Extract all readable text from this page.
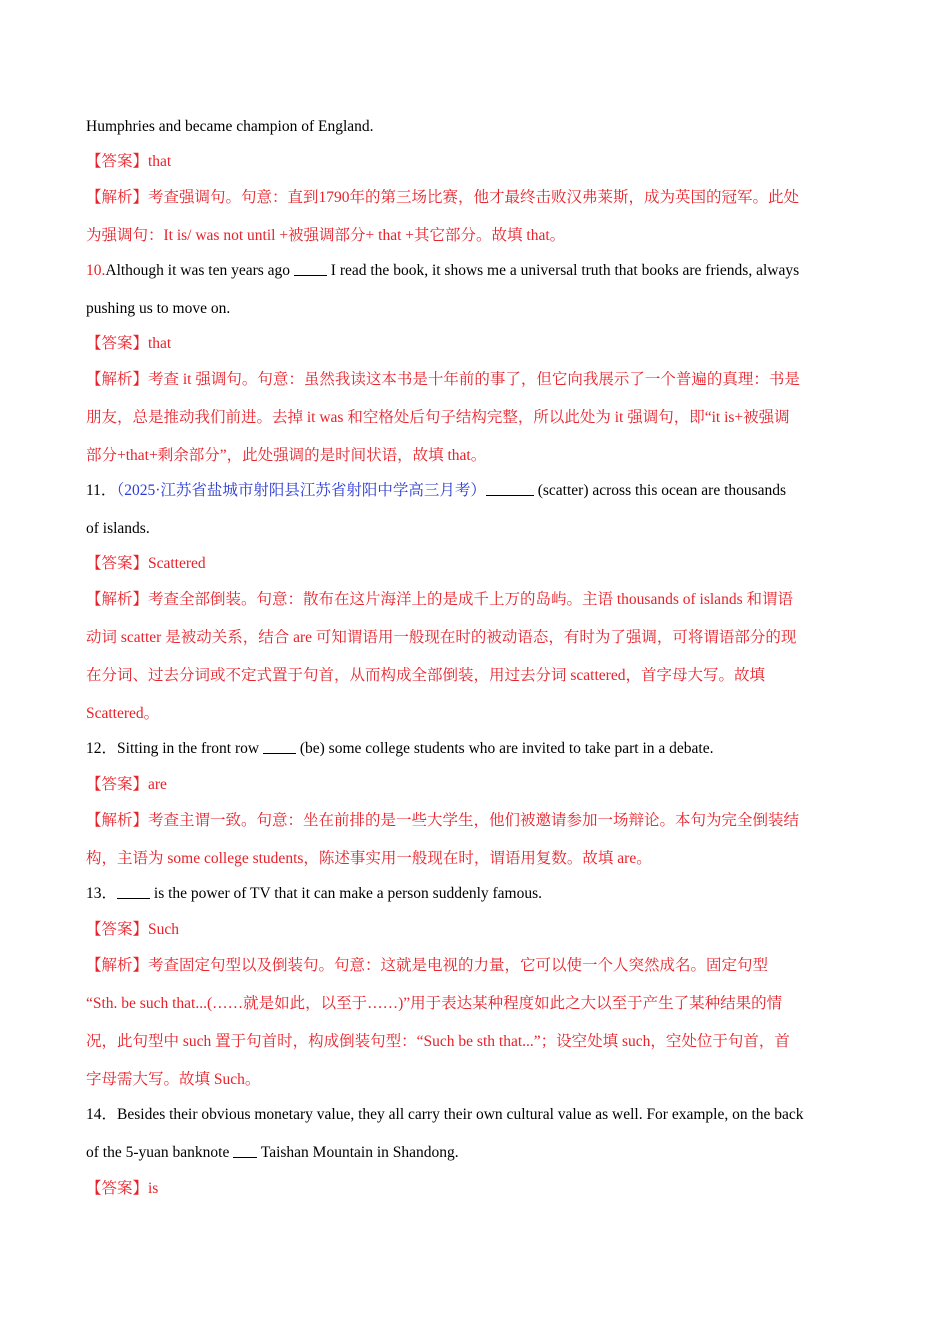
Humphries and became champion of England.
【答案】that
【解析】考查强调句。句意：直到1790年的第三场比赛，他才最终击败汉弗莱斯，成为英国的冠军。此处
为强调句：It is/ was not until +被强调部分+ that +其它部分。故填 that。
10.Although it was ten years ago  I read the book, it shows me a universal truth that books are friends, always
pushing us to move on.
【答案】that
【解析】考查 it 强调句。句意：虽然我读这本书是十年前的事了，但它向我展示了一个普遍的真理：书是
朋友，总是推动我们前进。去掉 it was 和空格处后句子结构完整，所以此处为 it 强调句，即“it is+被强调
部分+that+剩余部分”，此处强调的是时间状语，故填 that。
11．（2025·江苏省盐城市射阳县江苏省射阳中学高三月考）	(scatter) across this ocean are thousands
of islands.
【答案】Scattered
【解析】考查全部倒装。句意：散布在这片海洋上的是成千上万的岛屿。主语 thousands of islands 和谓语
动词 scatter 是被动关系，结合 are 可知谓语用一般现在时的被动语态，有时为了强调，可将谓语部分的现
在分词、过去分词或不定式置于句首，从而构成全部倒装，用过去分词 scattered，首字母大写。故填
Scattered。
12．Sitting in the front row  (be) some college students who are invited to take part in a debate.
【答案】are
【解析】考查主谓一致。句意：坐在前排的是一些大学生，他们被邀请参加一场辩论。本句为完全倒装结
构，主语为 some college students，陈述事实用一般现在时，谓语用复数。故填 are。
13． is the power of TV that it can make a person suddenly famous.
【答案】Such
【解析】考查固定句型以及倒装句。句意：这就是电视的力量，它可以使一个人突然成名。固定句型
“Sth. be such that...(……就是如此，以至于……)”用于表达某种程度如此之大以至于产生了某种结果的情
况，此句型中 such 置于句首时，构成倒装句型：“Such be sth that...”；设空处填 such，空处位于句首，首
字母需大写。故填 Such。
14．Besides their obvious monetary value, they all carry their own cultural value as well. For example, on the back
of the 5-yuan banknote  Taishan Mountain in Shandong.
【答案】is
